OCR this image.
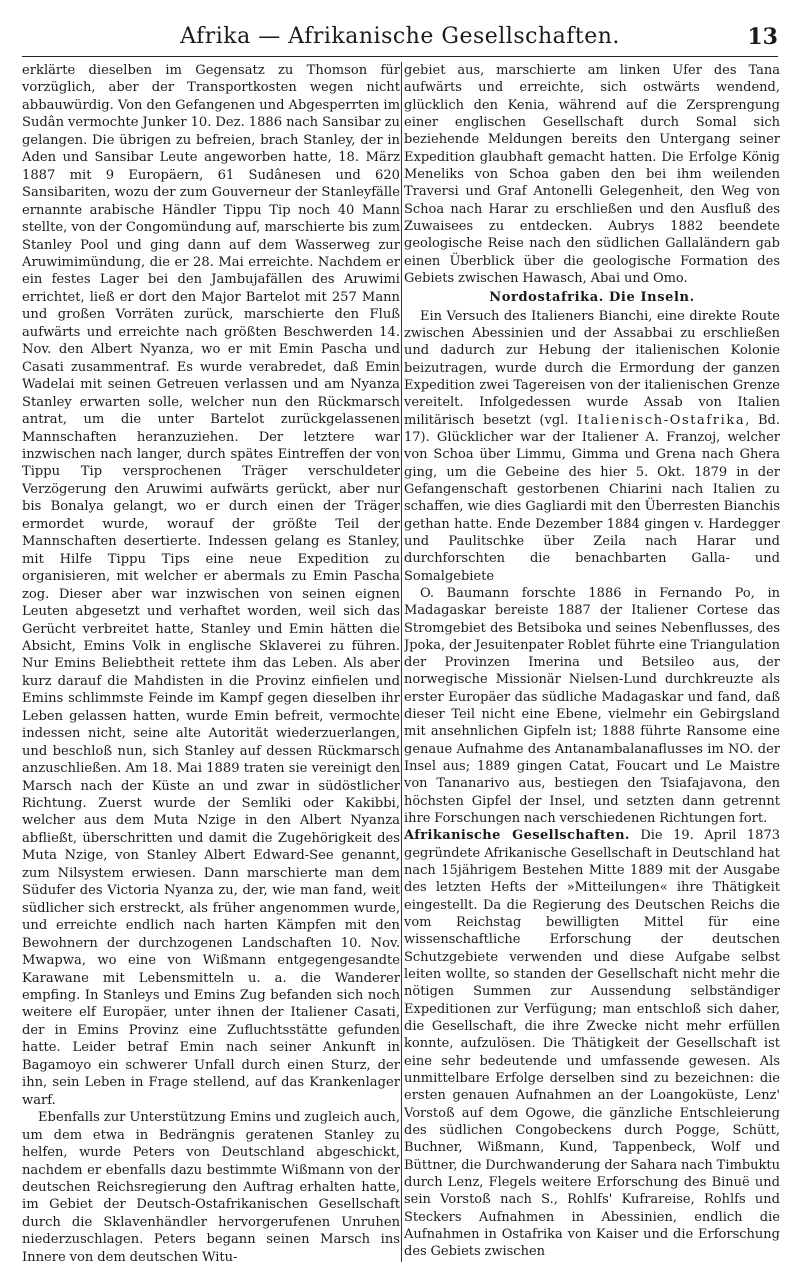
Afrika — Afrikanische Gesellschaften.	13

erklärte dieselben im Gegensatz zu Thomson für vorzüglich, aber der Transportkosten wegen nicht abbauwürdig. Von den Gefangenen und Abgesperrten im Sudân vermochte Junker 10. Dez. 1886 nach Sansibar zu gelangen. Die übrigen zu befreien, brach Stanley, der in Aden und Sansibar Leute angeworben hatte, 18. März 1887 mit 9 Europäern, 61 Sudânesen und 620 Sansibariten, wozu der zum Gouverneur der Stanleyfälle ernannte arabische Händler Tippu Tip noch 40 Mann stellte, von der Congomündung auf, marschierte bis zum Stanley Pool und ging dann auf dem Wasserweg zur Aruwimimündung, die er 28. Mai erreichte. Nachdem er ein festes Lager bei den Jambujafällen des Aruwimi errichtet, ließ er dort den Major Bartelot mit 257 Mann und großen Vorräten zurück, marschierte den Fluß aufwärts und erreichte nach größten Beschwerden 14. Nov. den Albert Nyanza, wo er mit Emin Pascha und Casati zusammentraf. Es wurde verabredet, daß Emin Wadelai mit seinen Getreuen verlassen und am Nyanza Stanley erwarten solle, welcher nun den Rückmarsch antrat, um die unter Bartelot zurückgelassenen Mannschaften heranzuziehen. Der letztere war inzwischen nach langer, durch spätes Eintreffen der von Tippu Tip versprochenen Träger verschuldeter Verzögerung den Aruwimi aufwärts gerückt, aber nur bis Bonalya gelangt, wo er durch einen der Träger ermordet wurde, worauf der größte Teil der Mannschaften desertierte. Indessen gelang es Stanley, mit Hilfe Tippu Tips eine neue Expedition zu organisieren, mit welcher er abermals zu Emin Pascha zog. Dieser aber war inzwischen von seinen eignen Leuten abgesetzt und verhaftet worden, weil sich das Gerücht verbreitet hatte, Stanley und Emin hätten die Absicht, Emins Volk in englische Sklaverei zu führen. Nur Emins Beliebtheit rettete ihm das Leben. Als aber kurz darauf die Mahdisten in die Provinz einfielen und Emins schlimmste Feinde im Kampf gegen dieselben ihr Leben gelassen hatten, wurde Emin befreit, vermochte indessen nicht, seine alte Autorität wiederzuerlangen, und beschloß nun, sich Stanley auf dessen Rückmarsch anzuschließen. Am 18. Mai 1889 traten sie vereinigt den Marsch nach der Küste an und zwar in südöstlicher Richtung. Zuerst wurde der Semliki oder Kakibbi, welcher aus dem Muta Nzige in den Albert Nyanza abfließt, überschritten und damit die Zugehörigkeit des Muta Nzige, von Stanley Albert Edward-See genannt, zum Nilsystem erwiesen. Dann marschierte man dem Südufer des Victoria Nyanza zu, der, wie man fand, weit südlicher sich erstreckt, als früher angenommen wurde, und erreichte endlich nach harten Kämpfen mit den Bewohnern der durchzogenen Landschaften 10. Nov. Mwapwa, wo eine von Wißmann entgegengesandte Karawane mit Lebensmitteln u. a. die Wanderer empfing. In Stanleys und Emins Zug befanden sich noch weitere elf Europäer, unter ihnen der Italiener Casati, der in Emins Provinz eine Zufluchtsstätte gefunden hatte. Leider betraf Emin nach seiner Ankunft in Bagamoyo ein schwerer Unfall durch einen Sturz, der ihn, sein Leben in Frage stellend, auf das Krankenlager warf.

Ebenfalls zur Unterstützung Emins und zugleich auch, um dem etwa in Bedrängnis geratenen Stanley zu helfen, wurde Peters von Deutschland abgeschickt, nachdem er ebenfalls dazu bestimmte Wißmann von der deutschen Reichsregierung den Auftrag erhalten hatte, im Gebiet der Deutsch-Ostafrikanischen Gesellschaft durch die Sklavenhändler hervorgerufenen Unruhen niederzuschlagen. Peters begann seinen Marsch ins Innere von dem deutschen Witu-

gebiet aus, marschierte am linken Ufer des Tana aufwärts und erreichte, sich ostwärts wendend, glücklich den Kenia, während auf die Zersprengung einer englischen Gesellschaft durch Somal sich beziehende Meldungen bereits den Untergang seiner Expedition glaubhaft gemacht hatten. Die Erfolge König Meneliks von Schoa gaben den bei ihm weilenden Traversi und Graf Antonelli Gelegenheit, den Weg von Schoa nach Harar zu erschließen und den Ausfluß des Zuwaisees zu entdecken. Aubrys 1882 beendete geologische Reise nach den südlichen Gallaländern gab einen Überblick über die geologische Formation des Gebiets zwischen Hawasch, Abai und Omo.

Nordostafrika. Die Inseln.

Ein Versuch des Italieners Bianchi, eine direkte Route zwischen Abessinien und der Assabbai zu erschließen und dadurch zur Hebung der italienischen Kolonie beizutragen, wurde durch die Ermordung der ganzen Expedition zwei Tagereisen von der italienischen Grenze vereitelt. Infolgedessen wurde Assab von Italien militärisch besetzt (vgl. Italienisch-Ostafrika, Bd. 17). Glücklicher war der Italiener A. Franzoj, welcher von Schoa über Limmu, Gimma und Grena nach Ghera ging, um die Gebeine des hier 5. Okt. 1879 in der Gefangenschaft gestorbenen Chiarini nach Italien zu schaffen, wie dies Gagliardi mit den Überresten Bianchis gethan hatte. Ende Dezember 1884 gingen v. Hardegger und Paulitschke über Zeila nach Harar und durchforschten die benachbarten Galla- und Somalgebiete

O. Baumann forschte 1886 in Fernando Po, in Madagaskar bereiste 1887 der Italiener Cortese das Stromgebiet des Betsiboka und seines Nebenflusses, des Jpoka, der Jesuitenpater Roblet führte eine Triangulation der Provinzen Imerina und Betsileo aus, der norwegische Missionär Nielsen-Lund durchkreuzte als erster Europäer das südliche Madagaskar und fand, daß dieser Teil nicht eine Ebene, vielmehr ein Gebirgsland mit ansehnlichen Gipfeln ist; 1888 führte Ransome eine genaue Aufnahme des Antanambalanaflusses im NO. der Insel aus; 1889 gingen Catat, Foucart und Le Maistre von Tananarivo aus, bestiegen den Tsiafajavona, den höchsten Gipfel der Insel, und setzten dann getrennt ihre Forschungen nach verschiedenen Richtungen fort.

Afrikanische Gesellschaften. Die 19. April 1873 gegründete Afrikanische Gesellschaft in Deutschland hat nach 15jährigem Bestehen Mitte 1889 mit der Ausgabe des letzten Hefts der »Mitteilungen« ihre Thätigkeit eingestellt. Da die Regierung des Deutschen Reichs die vom Reichstag bewilligten Mittel für eine wissenschaftliche Erforschung der deutschen Schutzgebiete verwenden und diese Aufgabe selbst leiten wollte, so standen der Gesellschaft nicht mehr die nötigen Summen zur Aussendung selbständiger Expeditionen zur Verfügung; man entschloß sich daher, die Gesellschaft, die ihre Zwecke nicht mehr erfüllen konnte, aufzulösen. Die Thätigkeit der Gesellschaft ist eine sehr bedeutende und umfassende gewesen. Als unmittelbare Erfolge derselben sind zu bezeichnen: die ersten genauen Aufnahmen an der Loangoküste, Lenz' Vorstoß auf dem Ogowe, die gänzliche Entschleierung des südlichen Congobeckens durch Pogge, Schütt, Buchner, Wißmann, Kund, Tappenbeck, Wolf und Büttner, die Durchwanderung der Sahara nach Timbuktu durch Lenz, Flegels weitere Erforschung des Binuë und sein Vorstoß nach S., Rohlfs' Kufrareise, Rohlfs und Steckers Aufnahmen in Abessinien, endlich die Aufnahmen in Ostafrika von Kaiser und die Erforschung des Gebiets zwischen
